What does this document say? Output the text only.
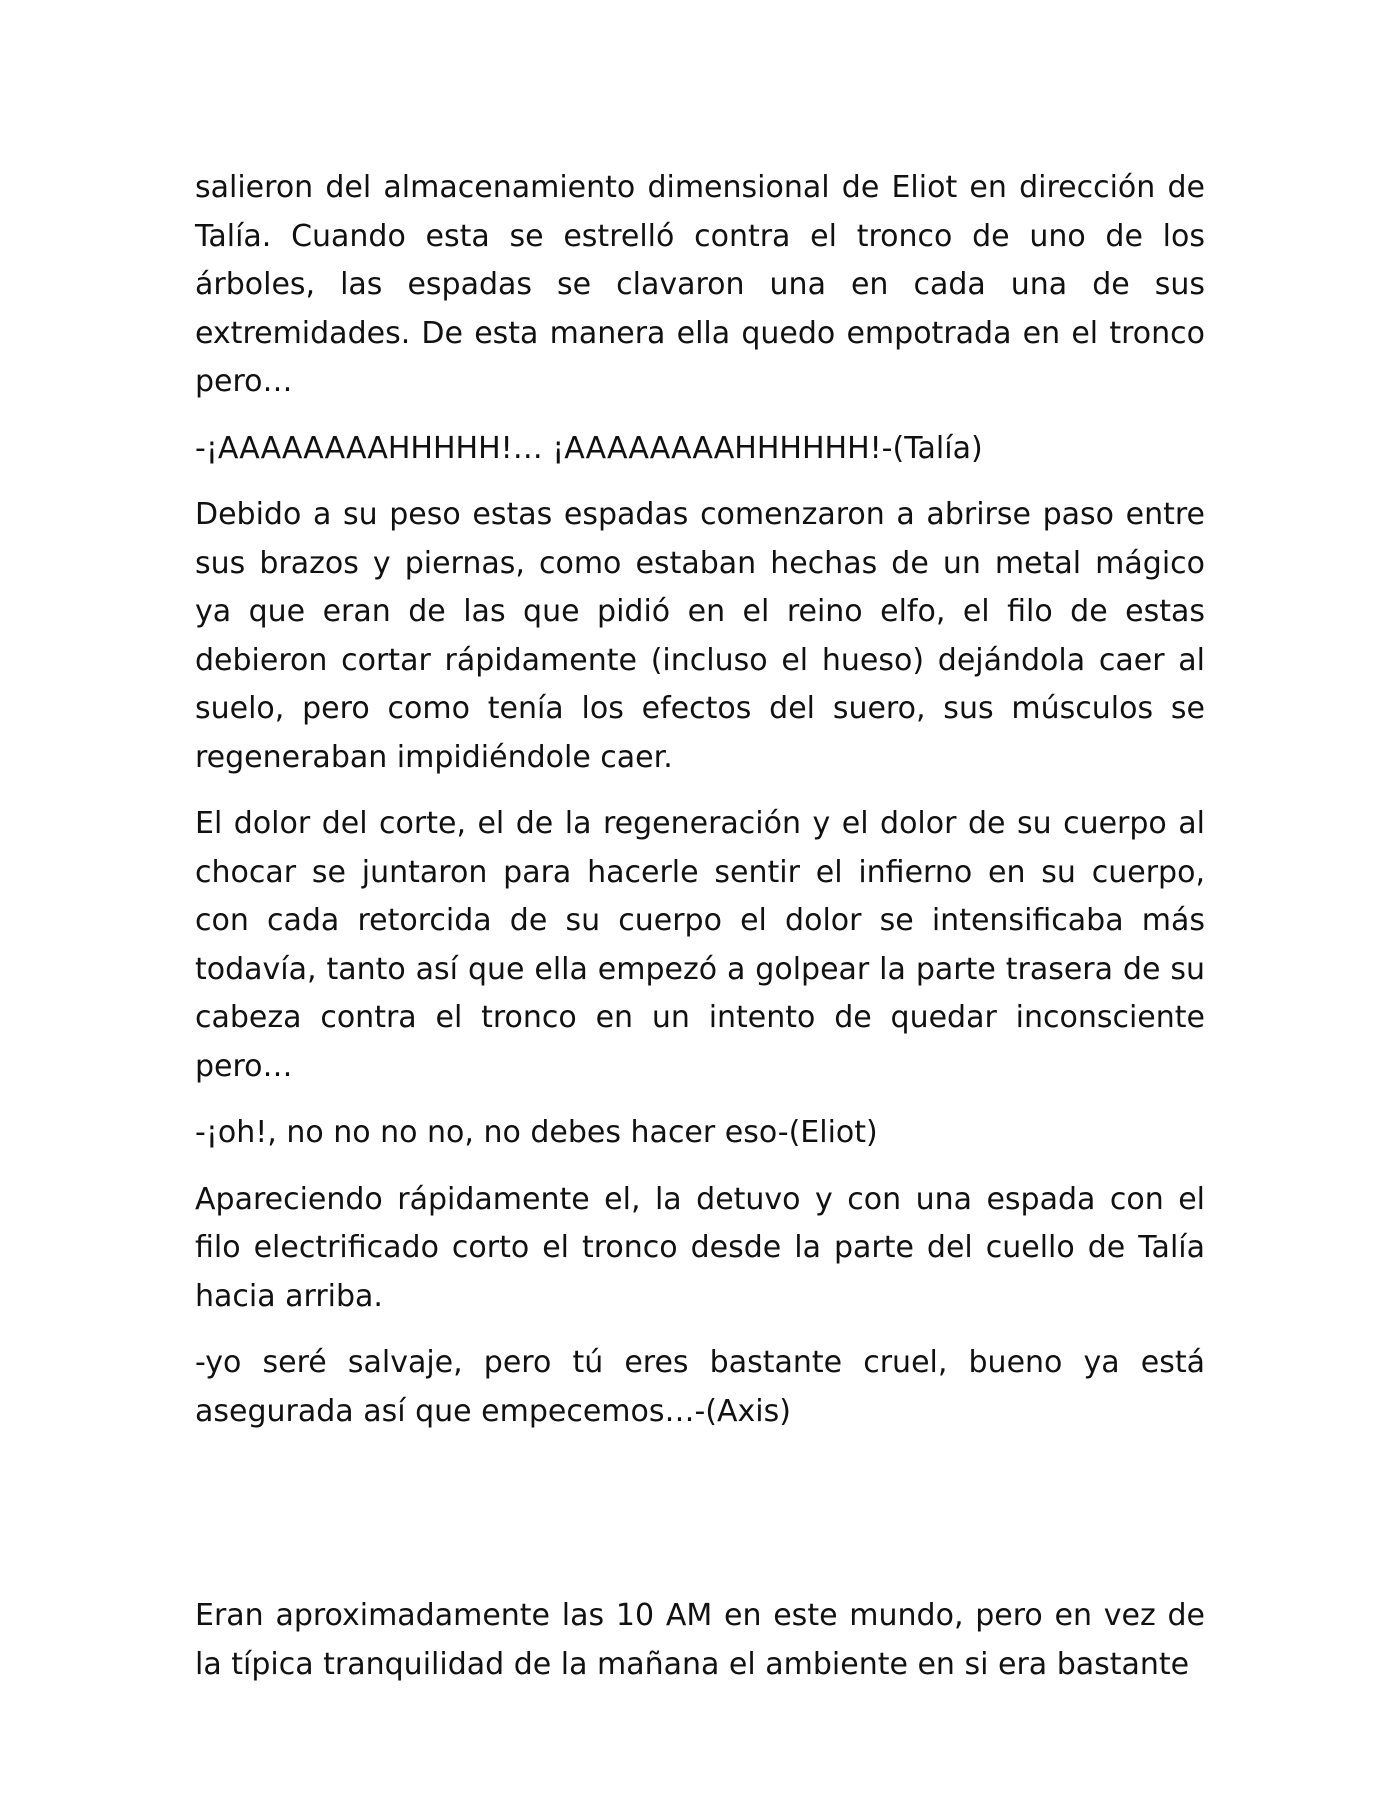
salieron del almacenamiento dimensional de Eliot en dirección de Talía. Cuando esta se estrelló contra el tronco de uno de los árboles, las espadas se clavaron una en cada una de sus extremidades. De esta manera ella quedo empotrada en el tronco pero…

-¡AAAAAAAAHHHHH!… ¡AAAAAAAAHHHHHH!-(Talía)

Debido a su peso estas espadas comenzaron a abrirse paso entre sus brazos y piernas, como estaban hechas de un metal mágico ya que eran de las que pidió en el reino elfo, el filo de estas debieron cortar rápidamente (incluso el hueso) dejándola caer al suelo, pero como tenía los efectos del suero, sus músculos se regeneraban impidiéndole caer.

El dolor del corte, el de la regeneración y el dolor de su cuerpo al chocar se juntaron para hacerle sentir el infierno en su cuerpo, con cada retorcida de su cuerpo el dolor se intensificaba más todavía, tanto así que ella empezó a golpear la parte trasera de su cabeza contra el tronco en un intento de quedar inconsciente pero…

-¡oh!, no no no no, no debes hacer eso-(Eliot)

Apareciendo rápidamente el, la detuvo y con una espada con el filo electrificado corto el tronco desde la parte del cuello de Talía hacia arriba.

-yo seré salvaje, pero tú eres bastante cruel, bueno ya está asegurada así que empecemos…-(Axis)

Eran aproximadamente las 10 AM en este mundo, pero en vez de la típica tranquilidad de la mañana el ambiente en si era bastante
